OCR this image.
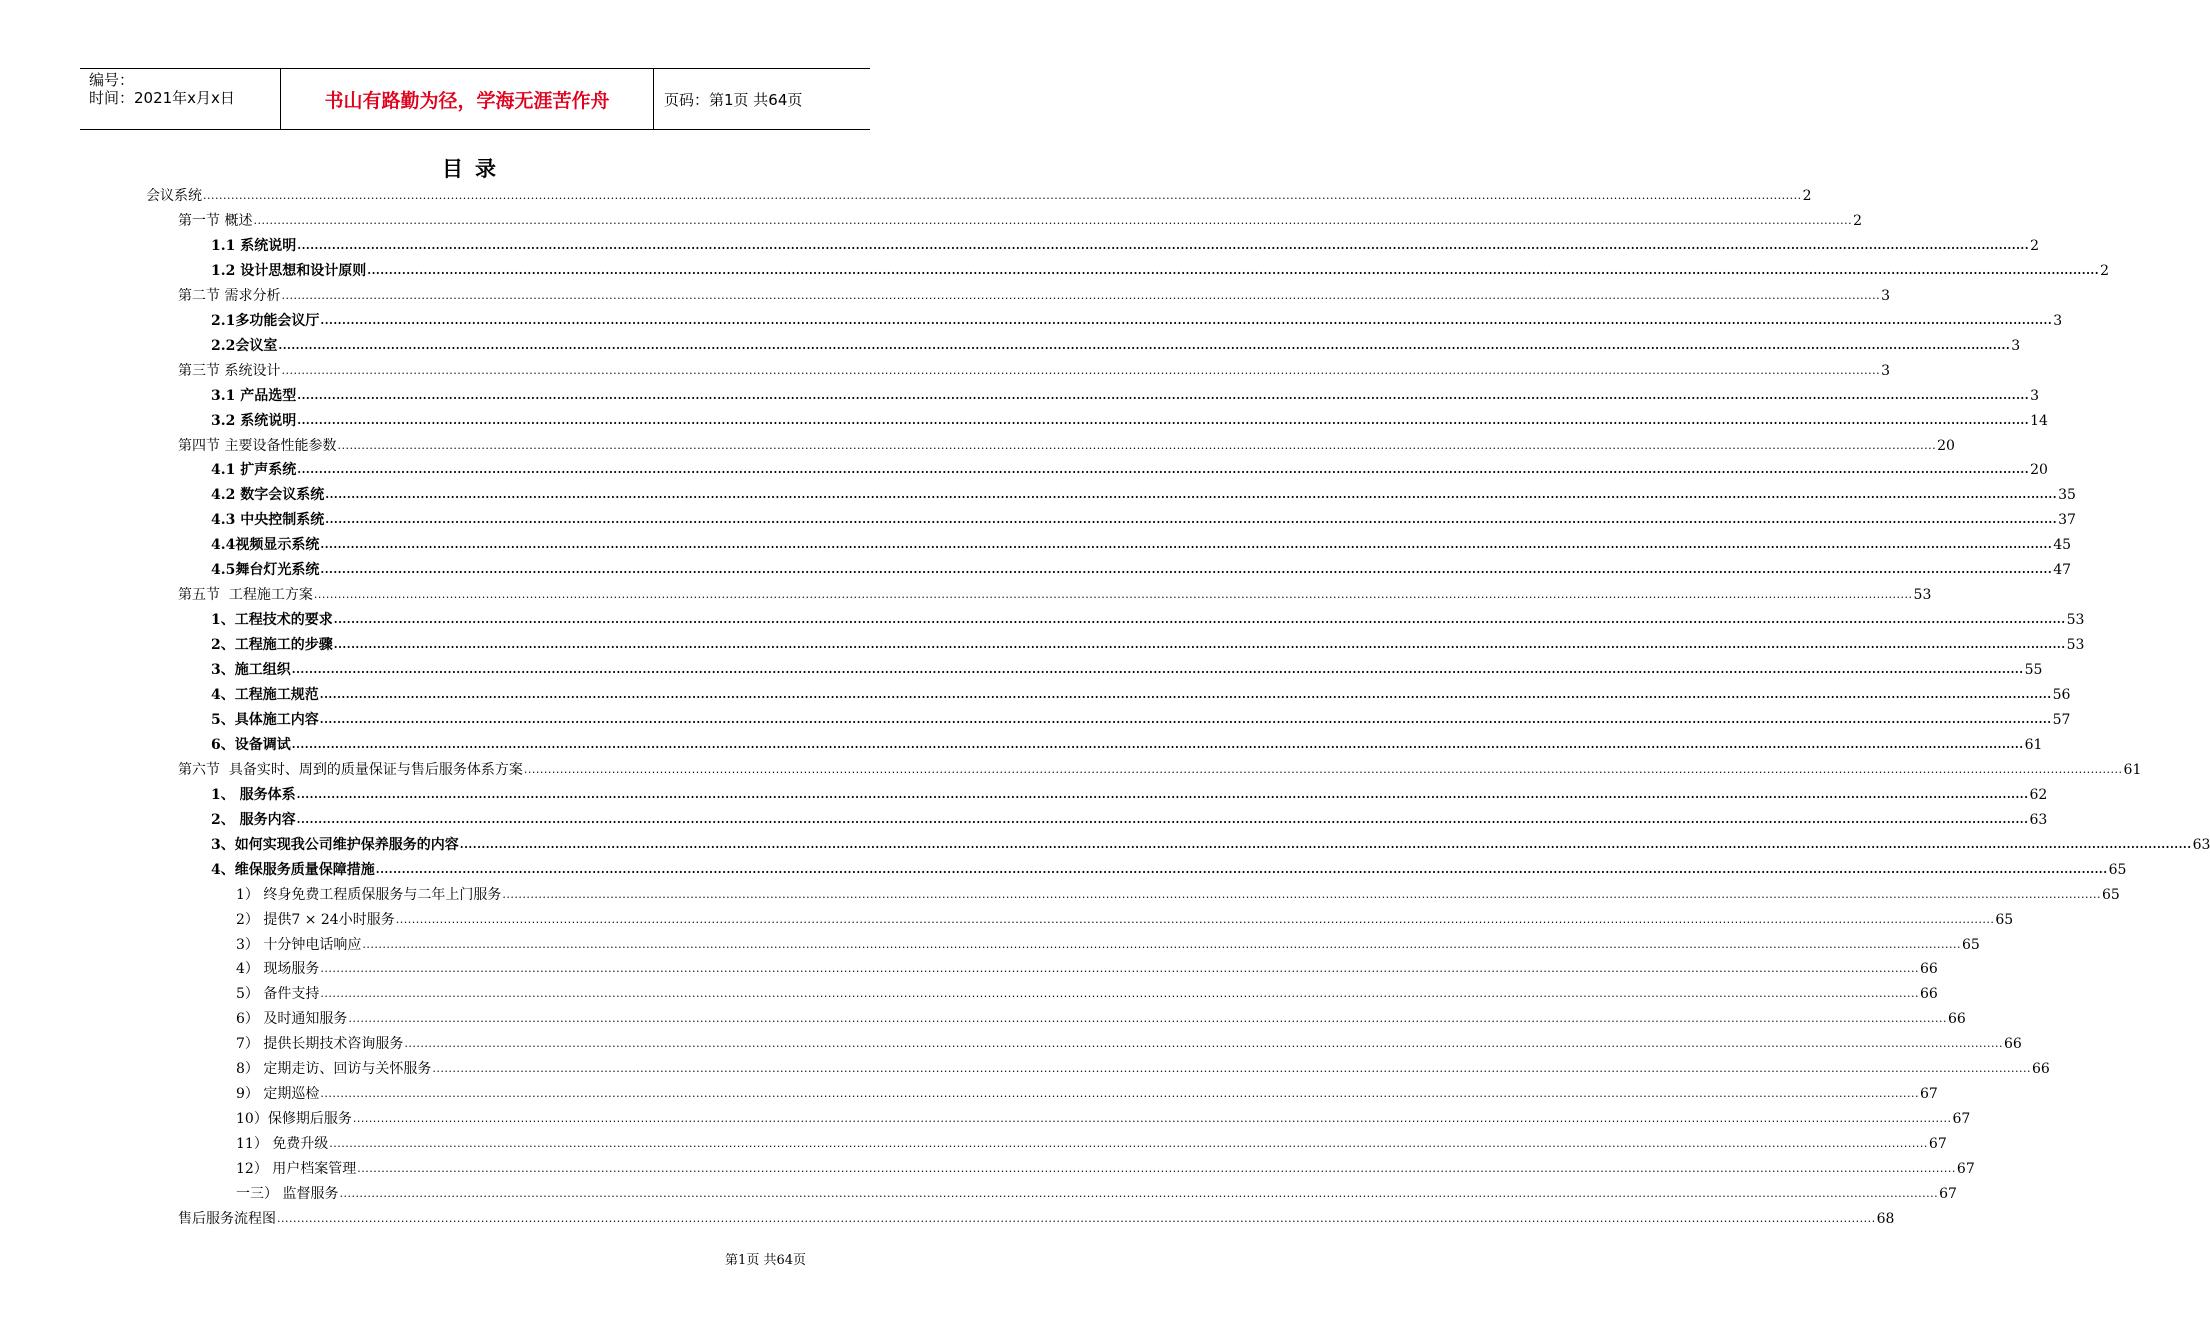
编号：
时间：2021年x月x日	书山有路勤为径，学海无涯苦作舟	页码：第1页 共64页
目录
会议系统 ................................................................................................................................................................................................................................................................................................................................................................................................................ 2
第一节 概述 ................................................................................................................................................................................................................................................................................................................................................................................................................ 2
1.1 系统说明 ................................................................................................................................................................................................................................................................................................................................................................................................................ 2
1.2 设计思想和设计原则 ................................................................................................................................................................................................................................................................................................................................................................................................................ 2
第二节 需求分析 ................................................................................................................................................................................................................................................................................................................................................................................................................ 3
2.1多功能会议厅 ................................................................................................................................................................................................................................................................................................................................................................................................................ 3
2.2会议室 ................................................................................................................................................................................................................................................................................................................................................................................................................ 3
第三节 系统设计 ................................................................................................................................................................................................................................................................................................................................................................................................................ 3
3.1 产品选型 ................................................................................................................................................................................................................................................................................................................................................................................................................ 3
3.2 系统说明 ................................................................................................................................................................................................................................................................................................................................................................................................................ 14
第四节 主要设备性能参数 ................................................................................................................................................................................................................................................................................................................................................................................................................ 20
4.1 扩声系统 ................................................................................................................................................................................................................................................................................................................................................................................................................ 20
4.2 数字会议系统 ................................................................................................................................................................................................................................................................................................................................................................................................................ 35
4.3 中央控制系统 ................................................................................................................................................................................................................................................................................................................................................................................................................ 37
4.4视频显示系统 ................................................................................................................................................................................................................................................................................................................................................................................................................ 45
4.5舞台灯光系统 ................................................................................................................................................................................................................................................................................................................................................................................................................ 47
第五节  工程施工方案 ................................................................................................................................................................................................................................................................................................................................................................................................................ 53
1、工程技术的要求 ................................................................................................................................................................................................................................................................................................................................................................................................................ 53
2、工程施工的步骤 ................................................................................................................................................................................................................................................................................................................................................................................................................ 53
3、施工组织 ................................................................................................................................................................................................................................................................................................................................................................................................................ 55
4、工程施工规范 ................................................................................................................................................................................................................................................................................................................................................................................................................ 56
5、具体施工内容 ................................................................................................................................................................................................................................................................................................................................................................................................................ 57
6、设备调试 ................................................................................................................................................................................................................................................................................................................................................................................................................ 61
第六节  具备实时、周到的质量保证与售后服务体系方案 ................................................................................................................................................................................................................................................................................................................................................................................................................ 61
1、 服务体系 ................................................................................................................................................................................................................................................................................................................................................................................................................ 62
2、 服务内容 ................................................................................................................................................................................................................................................................................................................................................................................................................ 63
3、如何实现我公司维护保养服务的内容 ................................................................................................................................................................................................................................................................................................................................................................................................................ 63
4、维保服务质量保障措施 ................................................................................................................................................................................................................................................................................................................................................................................................................ 65
1） 终身免费工程质保服务与二年上门服务 ................................................................................................................................................................................................................................................................................................................................................................................................................ 65
2） 提供7 × 24小时服务 ................................................................................................................................................................................................................................................................................................................................................................................................................ 65
3） 十分钟电话响应 ................................................................................................................................................................................................................................................................................................................................................................................................................ 65
4） 现场服务 ................................................................................................................................................................................................................................................................................................................................................................................................................ 66
5） 备件支持 ................................................................................................................................................................................................................................................................................................................................................................................................................ 66
6） 及时通知服务 ................................................................................................................................................................................................................................................................................................................................................................................................................ 66
7） 提供长期技术咨询服务 ................................................................................................................................................................................................................................................................................................................................................................................................................ 66
8） 定期走访、回访与关怀服务 ................................................................................................................................................................................................................................................................................................................................................................................................................ 66
9） 定期巡检 ................................................................................................................................................................................................................................................................................................................................................................................................................ 67
10）保修期后服务 ................................................................................................................................................................................................................................................................................................................................................................................................................ 67
11） 免费升级 ................................................................................................................................................................................................................................................................................................................................................................................................................ 67
12） 用户档案管理 ................................................................................................................................................................................................................................................................................................................................................................................................................ 67
一三） 监督服务 ................................................................................................................................................................................................................................................................................................................................................................................................................ 67
售后服务流程图 ................................................................................................................................................................................................................................................................................................................................................................................................................ 68
第1页 共64页
